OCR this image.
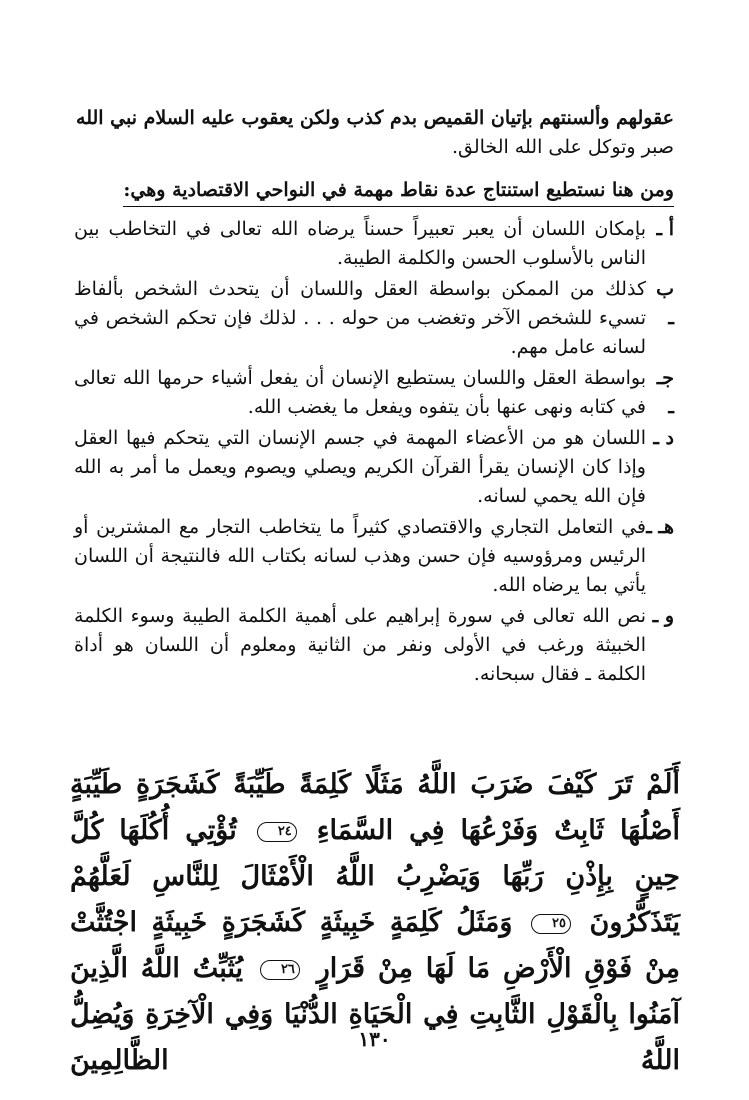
عقولهم وألسنتهم بإتيان القميص بدم كذب ولكن يعقوب عليه السلام نبي الله

صبر وتوكل على الله الخالق.

ومن هنا نستطيع استنتاج عدة نقاط مهمة في النواحي الاقتصادية وهي:
أ ـ
بإمكان اللسان أن يعبر تعبيراً حسناً يرضاه الله تعالى في التخاطب بين الناس بالأسلوب الحسن والكلمة الطيبة.
ب ـ
كذلك من الممكن بواسطة العقل واللسان أن يتحدث الشخص بألفاظ تسيء للشخص الآخر وتغضب من حوله . . . لذلك فإن تحكم الشخص في لسانه عامل مهم.
جـ ـ
بواسطة العقل واللسان يستطيع الإنسان أن يفعل أشياء حرمها الله تعالى في كتابه ونهى عنها بأن يتفوه ويفعل ما يغضب الله.
د ـ
اللسان هو من الأعضاء المهمة في جسم الإنسان التي يتحكم فيها العقل وإذا كان الإنسان يقرأ القرآن الكريم ويصلي ويصوم ويعمل ما أمر به الله فإن الله يحمي لسانه.
هـ ـ
في التعامل التجاري والاقتصادي كثيراً ما يتخاطب التجار مع المشترين أو الرئيس ومرؤوسيه فإن حسن وهذب لسانه بكتاب الله فالنتيجة أن اللسان يأتي بما يرضاه الله.
و ـ
نص الله تعالى في سورة إبراهيم على أهمية الكلمة الطيبة وسوء الكلمة الخبيثة ورغب في الأولى ونفر من الثانية ومعلوم أن اللسان هو أداة الكلمة ـ فقال سبحانه.

أَلَمْ تَرَ كَيْفَ ضَرَبَ اللَّهُ مَثَلًا كَلِمَةً طَيِّبَةً كَشَجَرَةٍ طَيِّبَةٍ أَصْلُهَا ثَابِتٌ وَفَرْعُهَا فِي السَّمَاءِ ٢٤ تُؤْتِي أُكُلَهَا كُلَّ حِينٍ بِإِذْنِ رَبِّهَا وَيَضْرِبُ اللَّهُ الْأَمْثَالَ لِلنَّاسِ لَعَلَّهُمْ يَتَذَكَّرُونَ ٢٥ وَمَثَلُ كَلِمَةٍ خَبِيثَةٍ كَشَجَرَةٍ خَبِيثَةٍ اجْتُثَّتْ مِنْ فَوْقِ الْأَرْضِ مَا لَهَا مِنْ قَرَارٍ ٢٦ يُثَبِّتُ اللَّهُ الَّذِينَ آمَنُوا بِالْقَوْلِ الثَّابِتِ فِي الْحَيَاةِ الدُّنْيَا وَفِي الْآخِرَةِ وَيُضِلُّ اللَّهُ الظَّالِمِينَ

١٣٠
